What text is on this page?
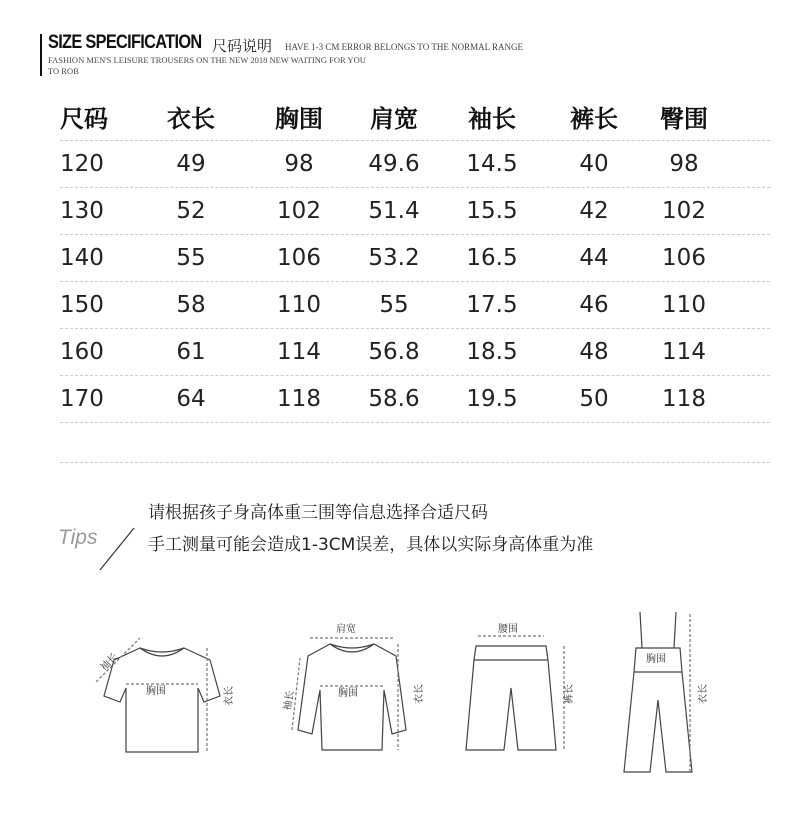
SIZE SPECIFICATION 尺码说明 HAVE 1-3 CM ERROR BELONGS TO THE NORMAL RANGE
FASHION MEN'S LEISURE TROUSERS ON THE NEW 2018 NEW WAITING FOR YOU TO ROB
尺码	衣长	胸围	肩宽	袖长	裤长	臀围
120	49	98	49.6	14.5	40	98
130	52	102	51.4	15.5	42	102
140	55	106	53.2	16.5	44	106
150	58	110	55	17.5	46	110
160	61	114	56.8	18.5	48	114
170	64	118	58.6	19.5	50	118
Tips
请根据孩子身高体重三围等信息选择合适尺码
手工测量可能会造成1-3CM误差，具体以实际身高体重为准
胸围	衣长
袖长
肩宽
胸围	衣长
袖长
腰围
裤长
胸围
衣长
